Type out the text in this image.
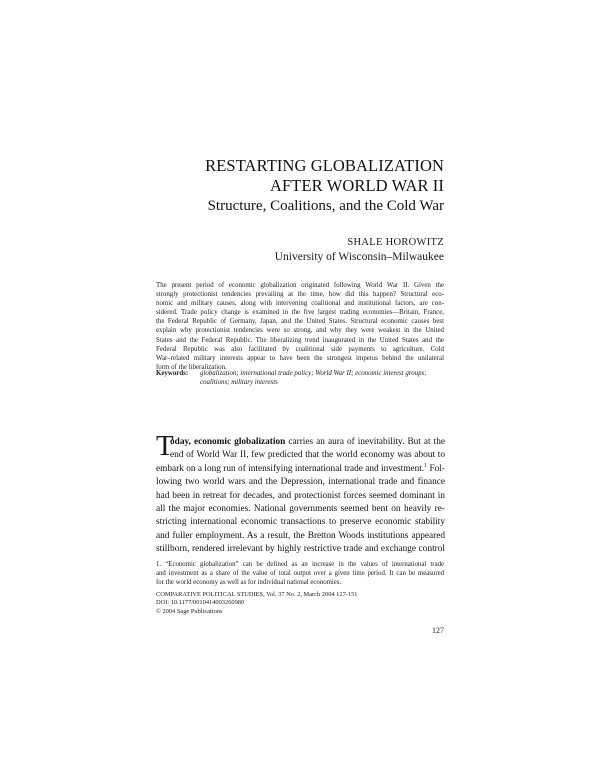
RESTARTING GLOBALIZATION
AFTER WORLD WAR II
Structure, Coalitions, and the Cold War
SHALE HOROWITZ
University of Wisconsin–Milwaukee
The present period of economic globalization originated following World War II. Given the
strongly protectionist tendencies prevailing at the time, how did this happen? Structural eco-
nomic and military causes, along with intervening coalitional and institutional factors, are con-
sidered. Trade policy change is examined in the five largest trading economies—Britain, France,
the Federal Republic of Germany, Japan, and the United States. Structural economic causes best
explain why protectionist tendencies were so strong, and why they were weakest in the United
States and the Federal Republic. The liberalizing trend inaugurated in the United States and the
Federal Republic was also facilitated by coalitional side payments to agriculture. Cold
War–related military interests appear to have been the strongest impetus behind the unilateral
form of the liberalization.
Keywords: globalization; international trade policy; World War II; economic interest groups;
coalitions; military interests
T
oday, economic globalization carries an aura of inevitability. But at the
end of World War II, few predicted that the world economy was about to
embark on a long run of intensifying international trade and investment.$^1$ Fol-
lowing two world wars and the Depression, international trade and finance
had been in retreat for decades, and protectionist forces seemed dominant in
all the major economies. National governments seemed bent on heavily re-
stricting international economic transactions to preserve economic stability
and fuller employment. As a result, the Bretton Woods institutions appeared
stillborn, rendered irrelevant by highly restrictive trade and exchange control
1. “Economic globalization” can be defined as an increase in the values of international trade
and investment as a share of the value of total output over a given time period. It can be measured
for the world economy as well as for individual national economies.
COMPARATIVE POLITICAL STUDIES, Vol. 37 No. 2, March 2004 127-151
DOI: 10.1177/0010414003260980
© 2004 Sage Publications
127
